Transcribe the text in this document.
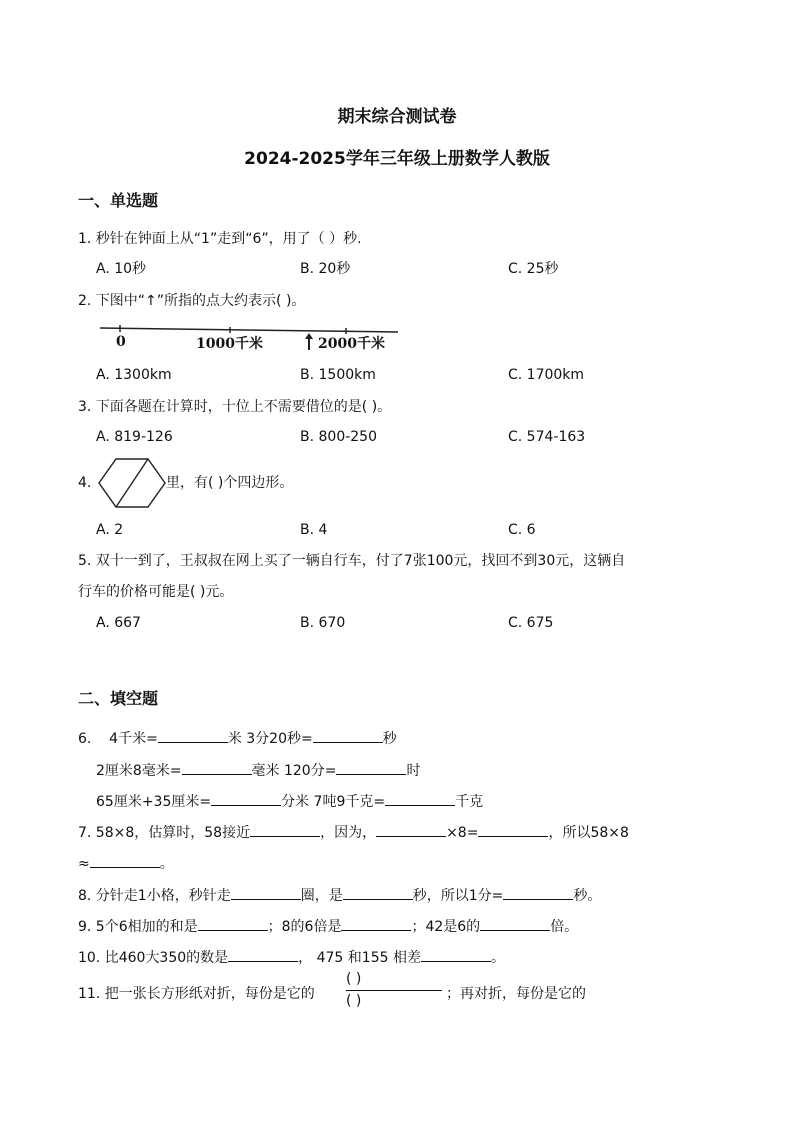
期末综合测试卷
2024-2025学年三年级上册数学人教版
一、单选题
1. 秒针在钟面上从“1”走到“6”，用了（ ）秒.
A. 10秒	B. 20秒	C. 25秒
2. 下图中“↑”所指的点大约表示( )。
0	1000千米	2000千米
A. 1300km	B. 1500km	C. 1700km
3. 下面各题在计算时，十位上不需要借位的是( )。
A. 819-126	B. 800-250	C. 574-163
4.	里，有( )个四边形。
A. 2	B. 4	C. 6
5. 双十一到了，王叔叔在网上买了一辆自行车，付了7张100元，找回不到30元，这辆自
行车的价格可能是( )元。
A. 667	B. 670	C. 675
二、填空题
6. 4千米=	米 3分20秒=	秒
2厘米8毫米=	毫米 120分=	时
65厘米+35厘米=	分米 7吨9千克=	千克
7. 58×8，估算时，58接近	，因为，	×8=	，所以58×8
≈	。
8. 分针走1小格，秒针走	圈，是	秒，所以1分=	秒。
9. 5个6相加的和是	；8的6倍是	；42是6的	倍。
10. 比460大350的数是	， 475 和155 相差	。
11. 把一张长方形纸对折，每份是它的
( )
( )	；再对折，每份是它的
